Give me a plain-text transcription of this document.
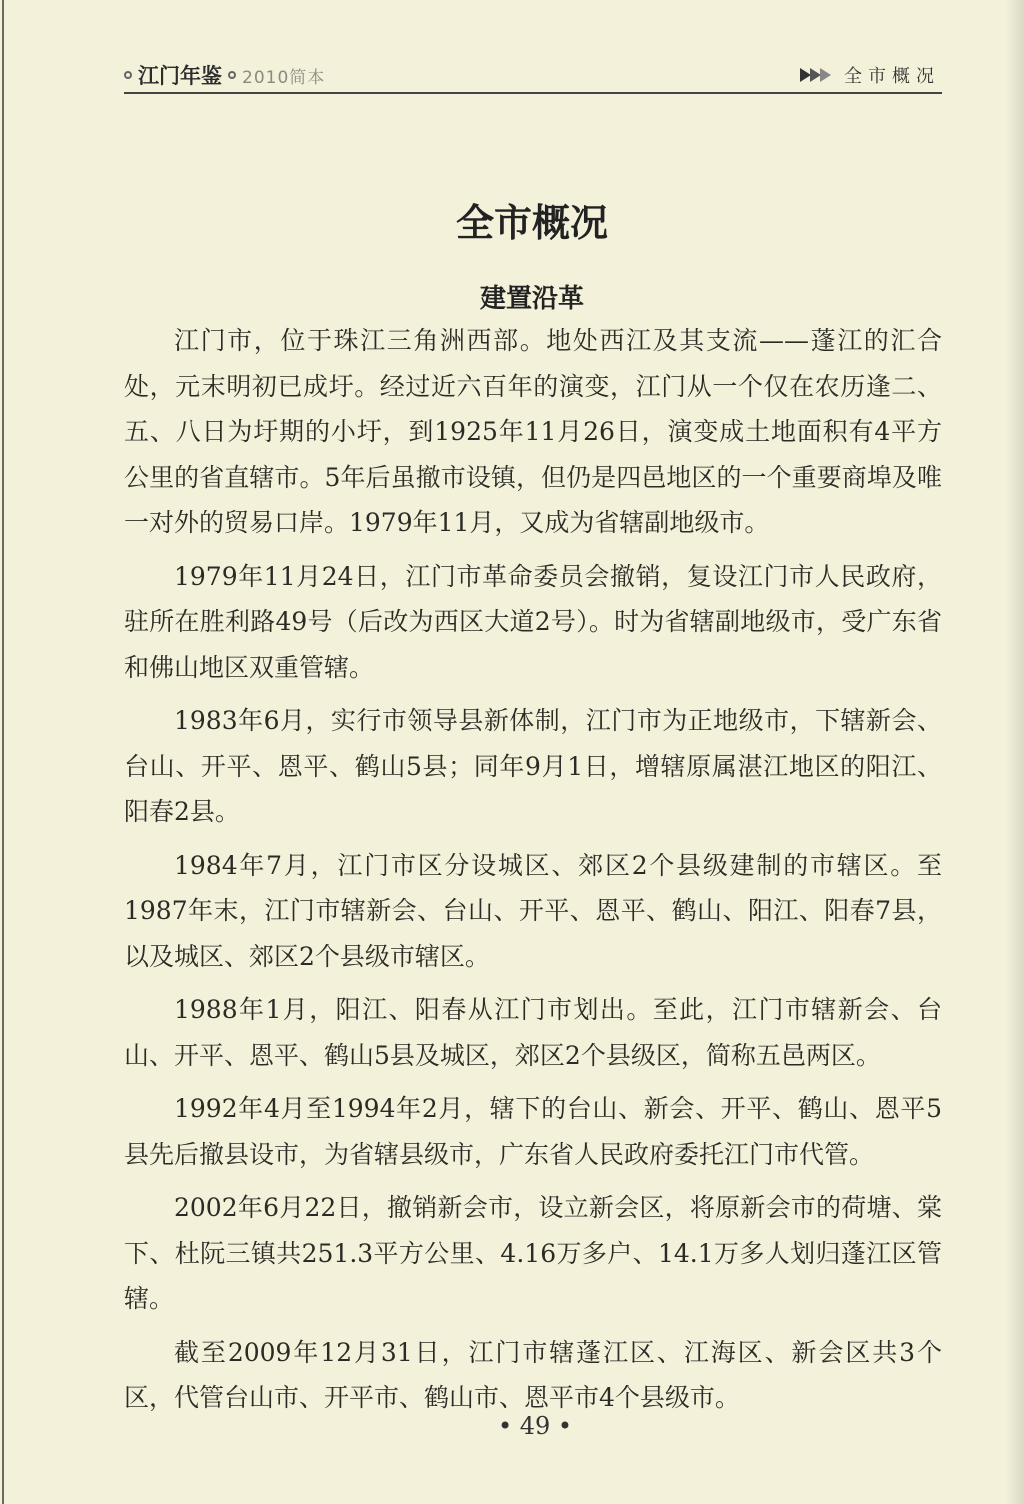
江门年鉴 2010简本	全市概况
全市概况
建置沿革

江门市，位于珠江三角洲西部。地处西江及其支流——蓬江的汇合处，元末明初已成圩。经过近六百年的演变，江门从一个仅在农历逢二、五、八日为圩期的小圩，到1925年11月26日，演变成土地面积有4平方公里的省直辖市。5年后虽撤市设镇，但仍是四邑地区的一个重要商埠及唯一对外的贸易口岸。1979年11月，又成为省辖副地级市。

1979年11月24日，江门市革命委员会撤销，复设江门市人民政府，驻所在胜利路49号（后改为西区大道2号）。时为省辖副地级市，受广东省和佛山地区双重管辖。

1983年6月，实行市领导县新体制，江门市为正地级市，下辖新会、台山、开平、恩平、鹤山5县；同年9月1日，增辖原属湛江地区的阳江、阳春2县。

1984年7月，江门市区分设城区、郊区2个县级建制的市辖区。至1987年末，江门市辖新会、台山、开平、恩平、鹤山、阳江、阳春7县，以及城区、郊区2个县级市辖区。

1988年1月，阳江、阳春从江门市划出。至此，江门市辖新会、台山、开平、恩平、鹤山5县及城区，郊区2个县级区，简称五邑两区。

1992年4月至1994年2月，辖下的台山、新会、开平、鹤山、恩平5县先后撤县设市，为省辖县级市，广东省人民政府委托江门市代管。

2002年6月22日，撤销新会市，设立新会区，将原新会市的荷塘、棠下、杜阮三镇共251.3平方公里、4.16万多户、14.1万多人划归蓬江区管辖。

截至2009年12月31日，江门市辖蓬江区、江海区、新会区共3个区，代管台山市、开平市、鹤山市、恩平市4个县级市。

• 49 •
